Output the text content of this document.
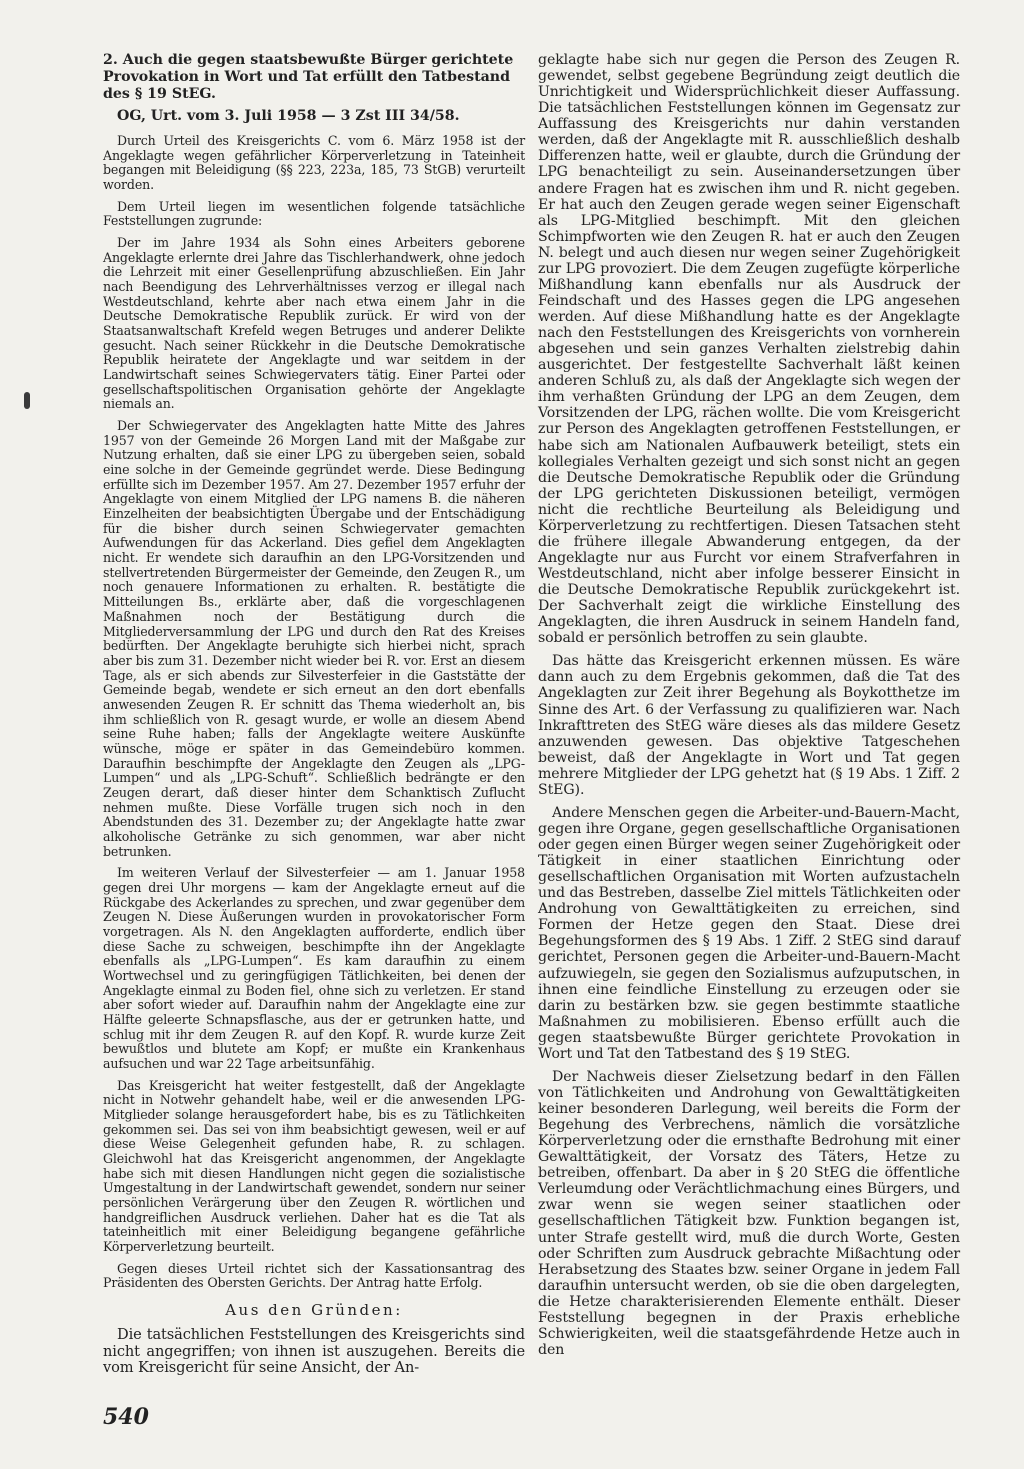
2. Auch die gegen staatsbewußte Bürger gerichtete Provokation in Wort und Tat erfüllt den Tatbestand des § 19 StEG.

OG, Urt. vom 3. Juli 1958 — 3 Zst III 34/58.

Durch Urteil des Kreisgerichts C. vom 6. März 1958 ist der Angeklagte wegen gefährlicher Körperverletzung in Tateinheit begangen mit Beleidigung (§§ 223, 223a, 185, 73 StGB) verurteilt worden.

Dem Urteil liegen im wesentlichen folgende tatsächliche Feststellungen zugrunde:

Der im Jahre 1934 als Sohn eines Arbeiters geborene Angeklagte erlernte drei Jahre das Tischlerhandwerk, ohne jedoch die Lehrzeit mit einer Gesellenprüfung abzuschließen. Ein Jahr nach Beendigung des Lehrverhältnisses verzog er illegal nach Westdeutschland, kehrte aber nach etwa einem Jahr in die Deutsche Demokratische Republik zurück. Er wird von der Staatsanwaltschaft Krefeld wegen Betruges und anderer Delikte gesucht. Nach seiner Rückkehr in die Deutsche Demokratische Republik heiratete der Angeklagte und war seitdem in der Landwirtschaft seines Schwiegervaters tätig. Einer Partei oder gesellschaftspolitischen Organisation gehörte der Angeklagte niemals an.

Der Schwiegervater des Angeklagten hatte Mitte des Jahres 1957 von der Gemeinde 26 Morgen Land mit der Maßgabe zur Nutzung erhalten, daß sie einer LPG zu übergeben seien, sobald eine solche in der Gemeinde gegründet werde. Diese Bedingung erfüllte sich im Dezember 1957. Am 27. Dezember 1957 erfuhr der Angeklagte von einem Mitglied der LPG namens B. die näheren Einzelheiten der beabsichtigten Übergabe und der Entschädigung für die bisher durch seinen Schwiegervater gemachten Aufwendungen für das Ackerland. Dies gefiel dem Angeklagten nicht. Er wendete sich daraufhin an den LPG-Vorsitzenden und stellvertretenden Bürgermeister der Gemeinde, den Zeugen R., um noch genauere Informationen zu erhalten. R. bestätigte die Mitteilungen Bs., erklärte aber, daß die vorgeschlagenen Maßnahmen noch der Bestätigung durch die Mitgliederversammlung der LPG und durch den Rat des Kreises bedürften. Der Angeklagte beruhigte sich hierbei nicht, sprach aber bis zum 31. Dezember nicht wieder bei R. vor. Erst an diesem Tage, als er sich abends zur Silvesterfeier in die Gaststätte der Gemeinde begab, wendete er sich erneut an den dort ebenfalls anwesenden Zeugen R. Er schnitt das Thema wiederholt an, bis ihm schließlich von R. gesagt wurde, er wolle an diesem Abend seine Ruhe haben; falls der Angeklagte weitere Auskünfte wünsche, möge er später in das Gemeindebüro kommen. Daraufhin beschimpfte der Angeklagte den Zeugen als „LPG-Lumpen“ und als „LPG-Schuft“. Schließlich bedrängte er den Zeugen derart, daß dieser hinter dem Schanktisch Zuflucht nehmen mußte. Diese Vorfälle trugen sich noch in den Abendstunden des 31. Dezember zu; der Angeklagte hatte zwar alkoholische Getränke zu sich genommen, war aber nicht betrunken.

Im weiteren Verlauf der Silvesterfeier — am 1. Januar 1958 gegen drei Uhr morgens — kam der Angeklagte erneut auf die Rückgabe des Ackerlandes zu sprechen, und zwar gegenüber dem Zeugen N. Diese Äußerungen wurden in provokatorischer Form vorgetragen. Als N. den Angeklagten aufforderte, endlich über diese Sache zu schweigen, beschimpfte ihn der Angeklagte ebenfalls als „LPG-Lumpen“. Es kam daraufhin zu einem Wortwechsel und zu geringfügigen Tätlichkeiten, bei denen der Angeklagte einmal zu Boden fiel, ohne sich zu verletzen. Er stand aber sofort wieder auf. Daraufhin nahm der Angeklagte eine zur Hälfte geleerte Schnapsflasche, aus der er getrunken hatte, und schlug mit ihr dem Zeugen R. auf den Kopf. R. wurde kurze Zeit bewußtlos und blutete am Kopf; er mußte ein Krankenhaus aufsuchen und war 22 Tage arbeitsunfähig.

Das Kreisgericht hat weiter festgestellt, daß der Angeklagte nicht in Notwehr gehandelt habe, weil er die anwesenden LPG-Mitglieder solange herausgefordert habe, bis es zu Tätlichkeiten gekommen sei. Das sei von ihm beabsichtigt gewesen, weil er auf diese Weise Gelegenheit gefunden habe, R. zu schlagen. Gleichwohl hat das Kreisgericht angenommen, der Angeklagte habe sich mit diesen Handlungen nicht gegen die sozialistische Umgestaltung in der Landwirtschaft gewendet, sondern nur seiner persönlichen Verärgerung über den Zeugen R. wörtlichen und handgreiflichen Ausdruck verliehen. Daher hat es die Tat als tateinheitlich mit einer Beleidigung begangene gefährliche Körperverletzung beurteilt.

Gegen dieses Urteil richtet sich der Kassationsantrag des Präsidenten des Obersten Gerichts. Der Antrag hatte Erfolg.

Aus den Gründen:

Die tatsächlichen Feststellungen des Kreisgerichts sind nicht angegriffen; von ihnen ist auszugehen. Bereits die vom Kreisgericht für seine Ansicht, der An-

geklagte habe sich nur gegen die Person des Zeugen R. gewendet, selbst gegebene Begründung zeigt deutlich die Unrichtigkeit und Widersprüchlichkeit dieser Auffassung. Die tatsächlichen Feststellungen können im Gegensatz zur Auffassung des Kreisgerichts nur dahin verstanden werden, daß der Angeklagte mit R. ausschließlich deshalb Differenzen hatte, weil er glaubte, durch die Gründung der LPG benachteiligt zu sein. Auseinandersetzungen über andere Fragen hat es zwischen ihm und R. nicht gegeben. Er hat auch den Zeugen gerade wegen seiner Eigenschaft als LPG-Mitglied beschimpft. Mit den gleichen Schimpfworten wie den Zeugen R. hat er auch den Zeugen N. belegt und auch diesen nur wegen seiner Zugehörigkeit zur LPG provoziert. Die dem Zeugen zugefügte körperliche Mißhandlung kann ebenfalls nur als Ausdruck der Feindschaft und des Hasses gegen die LPG angesehen werden. Auf diese Mißhandlung hatte es der Angeklagte nach den Feststellungen des Kreisgerichts von vornherein abgesehen und sein ganzes Verhalten zielstrebig dahin ausgerichtet. Der festgestellte Sachverhalt läßt keinen anderen Schluß zu, als daß der Angeklagte sich wegen der ihm verhaßten Gründung der LPG an dem Zeugen, dem Vorsitzenden der LPG, rächen wollte. Die vom Kreisgericht zur Person des Angeklagten getroffenen Feststellungen, er habe sich am Nationalen Aufbauwerk beteiligt, stets ein kollegiales Verhalten gezeigt und sich sonst nicht an gegen die Deutsche Demokratische Republik oder die Gründung der LPG gerichteten Diskussionen beteiligt, vermögen nicht die rechtliche Beurteilung als Beleidigung und Körperverletzung zu rechtfertigen. Diesen Tatsachen steht die frühere illegale Abwanderung entgegen, da der Angeklagte nur aus Furcht vor einem Strafverfahren in Westdeutschland, nicht aber infolge besserer Einsicht in die Deutsche Demokratische Republik zurückgekehrt ist. Der Sachverhalt zeigt die wirkliche Einstellung des Angeklagten, die ihren Ausdruck in seinem Handeln fand, sobald er persönlich betroffen zu sein glaubte.

Das hätte das Kreisgericht erkennen müssen. Es wäre dann auch zu dem Ergebnis gekommen, daß die Tat des Angeklagten zur Zeit ihrer Begehung als Boykotthetze im Sinne des Art. 6 der Verfassung zu qualifizieren war. Nach Inkrafttreten des StEG wäre dieses als das mildere Gesetz anzuwenden gewesen. Das objektive Tatgeschehen beweist, daß der Angeklagte in Wort und Tat gegen mehrere Mitglieder der LPG gehetzt hat (§ 19 Abs. 1 Ziff. 2 StEG).

Andere Menschen gegen die Arbeiter-und-Bauern-Macht, gegen ihre Organe, gegen gesellschaftliche Organisationen oder gegen einen Bürger wegen seiner Zugehörigkeit oder Tätigkeit in einer staatlichen Einrichtung oder gesellschaftlichen Organisation mit Worten aufzustacheln und das Bestreben, dasselbe Ziel mittels Tätlichkeiten oder Androhung von Gewalttätigkeiten zu erreichen, sind Formen der Hetze gegen den Staat. Diese drei Begehungsformen des § 19 Abs. 1 Ziff. 2 StEG sind darauf gerichtet, Personen gegen die Arbeiter-und-Bauern-Macht aufzuwiegeln, sie gegen den Sozialismus aufzuputschen, in ihnen eine feindliche Einstellung zu erzeugen oder sie darin zu bestärken bzw. sie gegen bestimmte staatliche Maßnahmen zu mobilisieren. Ebenso erfüllt auch die gegen staatsbewußte Bürger gerichtete Provokation in Wort und Tat den Tatbestand des § 19 StEG.

Der Nachweis dieser Zielsetzung bedarf in den Fällen von Tätlichkeiten und Androhung von Gewalttätigkeiten keiner besonderen Darlegung, weil bereits die Form der Begehung des Verbrechens, nämlich die vorsätzliche Körperverletzung oder die ernsthafte Bedrohung mit einer Gewalttätigkeit, der Vorsatz des Täters, Hetze zu betreiben, offenbart. Da aber in § 20 StEG die öffentliche Verleumdung oder Verächtlichmachung eines Bürgers, und zwar wenn sie wegen seiner staatlichen oder gesellschaftlichen Tätigkeit bzw. Funktion begangen ist, unter Strafe gestellt wird, muß die durch Worte, Gesten oder Schriften zum Ausdruck gebrachte Mißachtung oder Herabsetzung des Staates bzw. seiner Organe in jedem Fall daraufhin untersucht werden, ob sie die oben dargelegten, die Hetze charakterisierenden Elemente enthält. Dieser Feststellung begegnen in der Praxis erhebliche Schwierigkeiten, weil die staatsgefährdende Hetze auch in den

540
